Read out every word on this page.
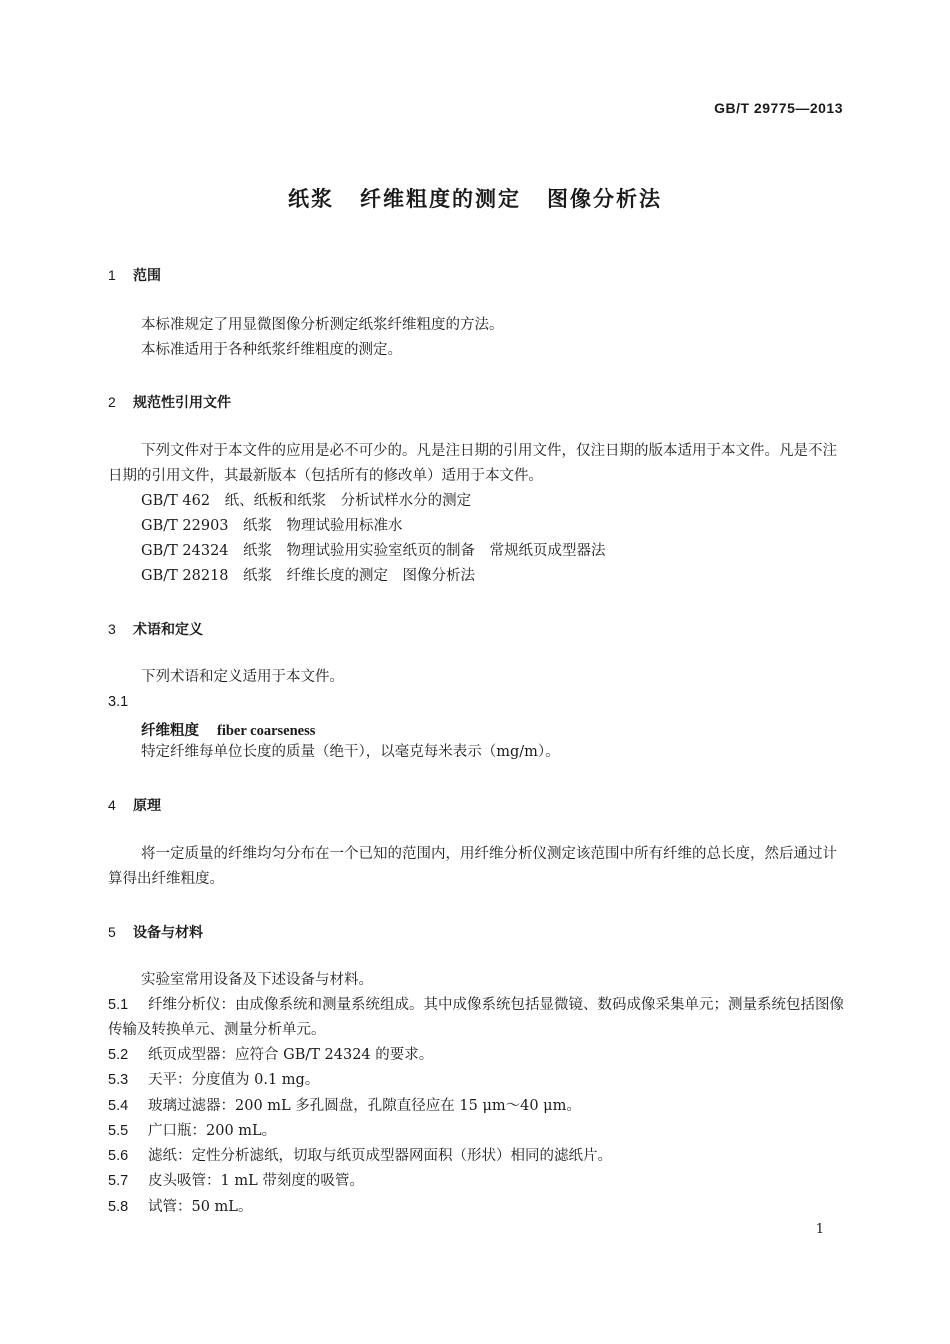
GB/T 29775—2013
纸浆 纤维粗度的测定 图像分析法
1 范围
本标准规定了用显微图像分析测定纸浆纤维粗度的方法。
本标准适用于各种纸浆纤维粗度的测定。
2 规范性引用文件
下列文件对于本文件的应用是必不可少的。凡是注日期的引用文件，仅注日期的版本适用于本文件。凡是不注日期的引用文件，其最新版本（包括所有的修改单）适用于本文件。
GB/T 462　纸、纸板和纸浆　分析试样水分的测定
GB/T 22903　纸浆　物理试验用标准水
GB/T 24324　纸浆　物理试验用实验室纸页的制备　常规纸页成型器法
GB/T 28218　纸浆　纤维长度的测定　图像分析法
3 术语和定义
下列术语和定义适用于本文件。
3.1
纤维粗度 fiber coarseness
特定纤维每单位长度的质量（绝干），以毫克每米表示（mg/m）。
4 原理
将一定质量的纤维均匀分布在一个已知的范围内，用纤维分析仪测定该范围中所有纤维的总长度，然后通过计算得出纤维粗度。
5 设备与材料
实验室常用设备及下述设备与材料。
5.1 纤维分析仪：由成像系统和测量系统组成。其中成像系统包括显微镜、数码成像采集单元；测量系统包括图像传输及转换单元、测量分析单元。
5.2 纸页成型器：应符合 GB/T 24324 的要求。
5.3 天平：分度值为 0.1 mg。
5.4 玻璃过滤器：200 mL 多孔圆盘，孔隙直径应在 15 μm～40 μm。
5.5 广口瓶：200 mL。
5.6 滤纸：定性分析滤纸，切取与纸页成型器网面积（形状）相同的滤纸片。
5.7 皮头吸管：1 mL 带刻度的吸管。
5.8 试管：50 mL。
1
